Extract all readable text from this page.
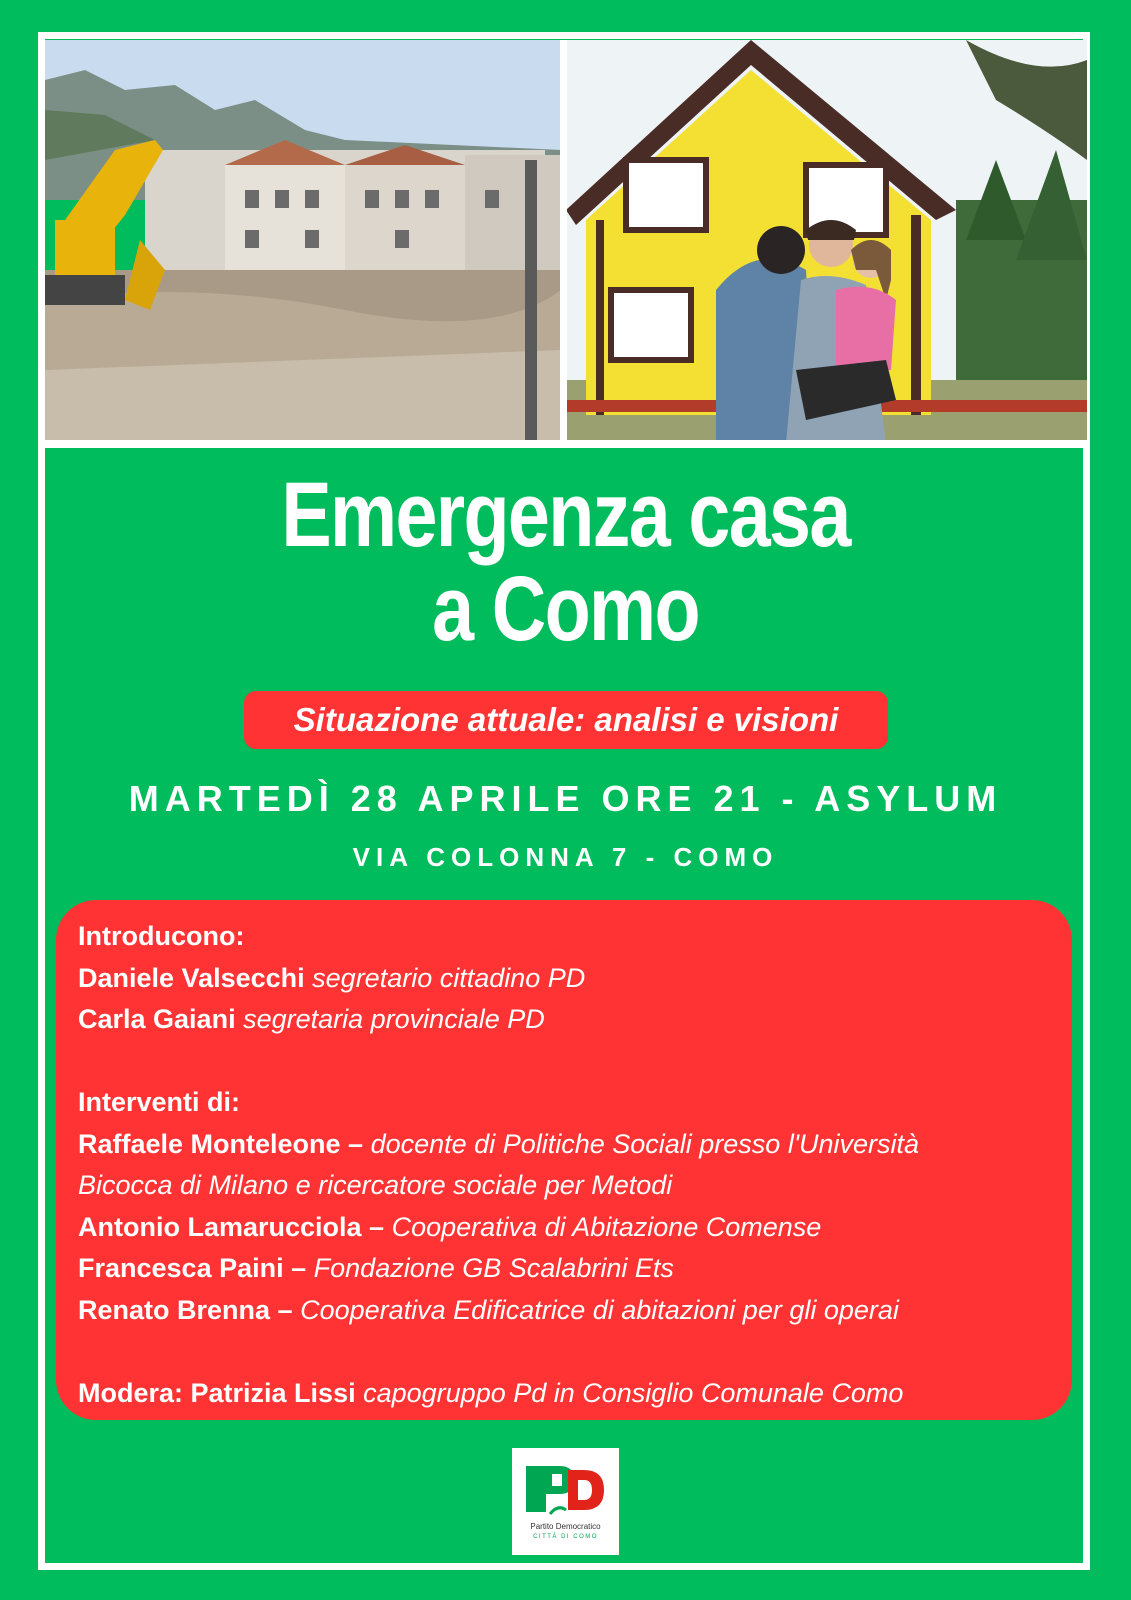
Emergenza casa
a Como
Situazione attuale: analisi e visioni
MARTEDÌ 28 APRILE ORE 21 - ASYLUM
VIA COLONNA 7 - COMO
Introducono:
Daniele Valsecchi segretario cittadino PD
Carla Gaiani segretaria provinciale PD
Interventi di:
Raffaele Monteleone – docente di Politiche Sociali presso l'Università
Bicocca di Milano e ricercatore sociale per Metodi
Antonio Lamarucciola – Cooperativa di Abitazione Comense
Francesca Paini – Fondazione GB Scalabrini Ets
Renato Brenna – Cooperativa Edificatrice di abitazioni per gli operai
Modera: Patrizia Lissi capogruppo Pd in Consiglio Comunale Como
Partito Democratico
CITTÀ DI COMO
